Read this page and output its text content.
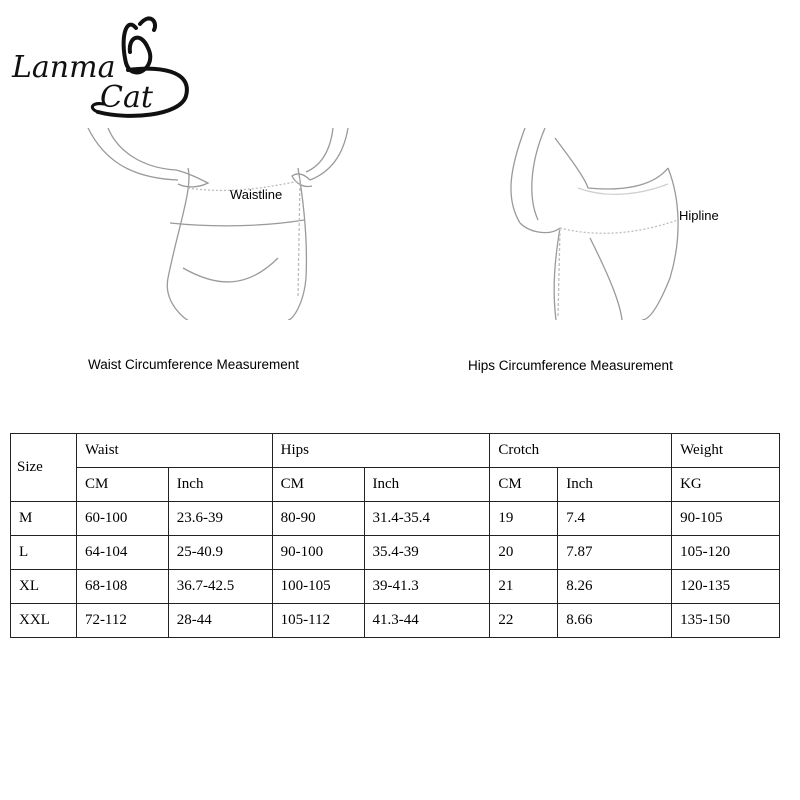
Lanma
Cat
Waistline
Hipline
Waist Circumference Measurement	Hips Circumference Measurement
Size	Waist		Hips		Crotch		Weight
	CM	Inch	CM	Inch	CM	Inch	KG
M	60-100	23.6-39	80-90	31.4-35.4	19	7.4	90-105
L	64-104	25-40.9	90-100	35.4-39	20	7.87	105-120
XL	68-108	36.7-42.5	100-105	39-41.3	21	8.26	120-135
XXL	72-112	28-44	105-112	41.3-44	22	8.66	135-150
